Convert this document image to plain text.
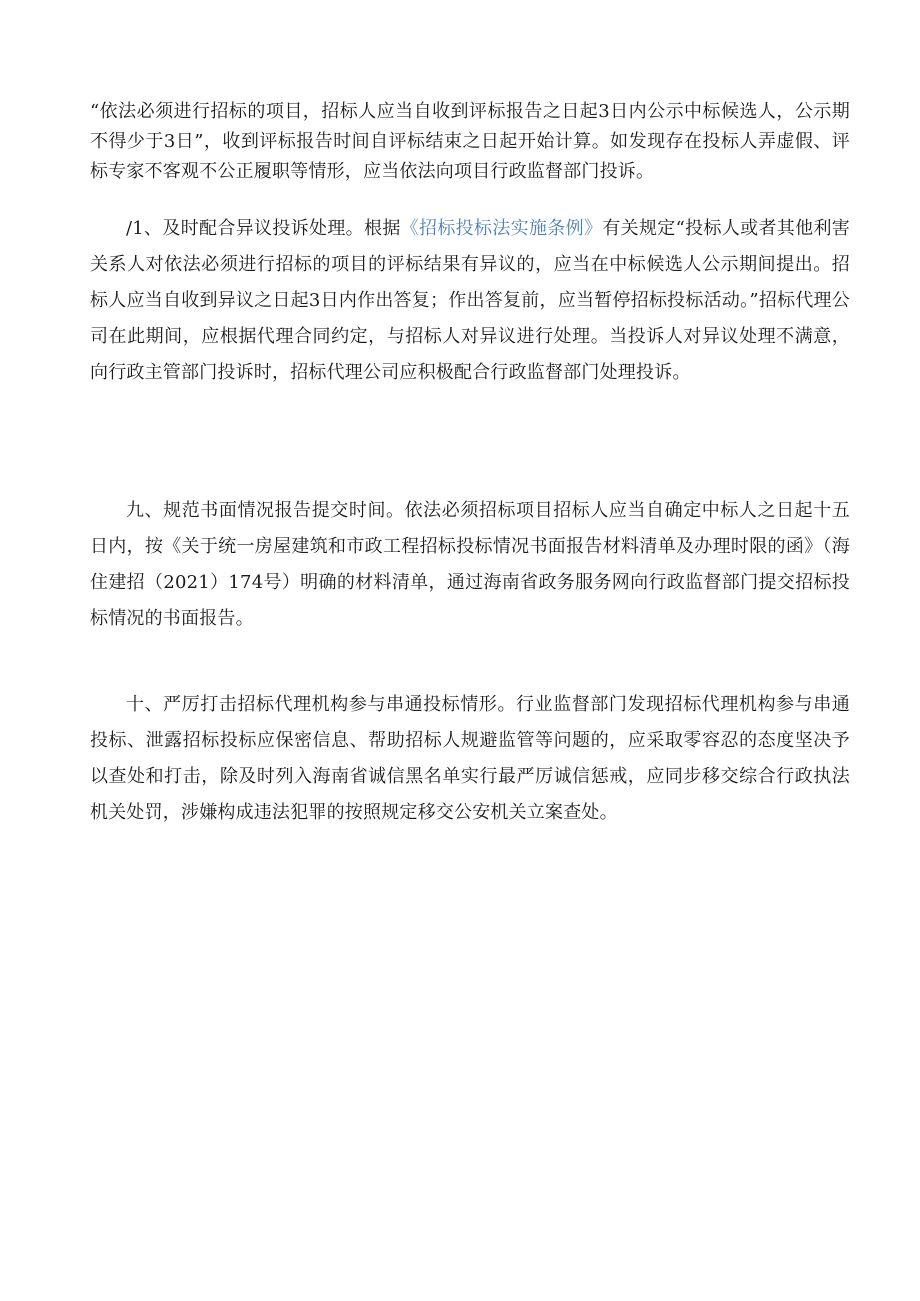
“依法必须进行招标的项目，招标人应当自收到评标报告之日起3日内公示中标候选人，公示期不得少于3日”，收到评标报告时间自评标结束之日起开始计算。如发现存在投标人弄虚假、评标专家不客观不公正履职等情形，应当依法向项目行政监督部门投诉。

/1、及时配合异议投诉处理。根据《招标投标法实施条例》有关规定“投标人或者其他利害关系人对依法必须进行招标的项目的评标结果有异议的，应当在中标候选人公示期间提出。招标人应当自收到异议之日起3日内作出答复；作出答复前，应当暂停招标投标活动。”招标代理公司在此期间，应根据代理合同约定，与招标人对异议进行处理。当投诉人对异议处理不满意，向行政主管部门投诉时，招标代理公司应积极配合行政监督部门处理投诉。

九、规范书面情况报告提交时间。依法必须招标项目招标人应当自确定中标人之日起十五日内，按《关于统一房屋建筑和市政工程招标投标情况书面报告材料清单及办理时限的函》（海住建招（2021）174号）明确的材料清单，通过海南省政务服务网向行政监督部门提交招标投标情况的书面报告。

十、严厉打击招标代理机构参与串通投标情形。行业监督部门发现招标代理机构参与串通投标、泄露招标投标应保密信息、帮助招标人规避监管等问题的，应采取零容忍的态度坚决予以查处和打击，除及时列入海南省诚信黑名单实行最严厉诚信惩戒，应同步移交综合行政执法机关处罚，涉嫌构成违法犯罪的按照规定移交公安机关立案查处。
